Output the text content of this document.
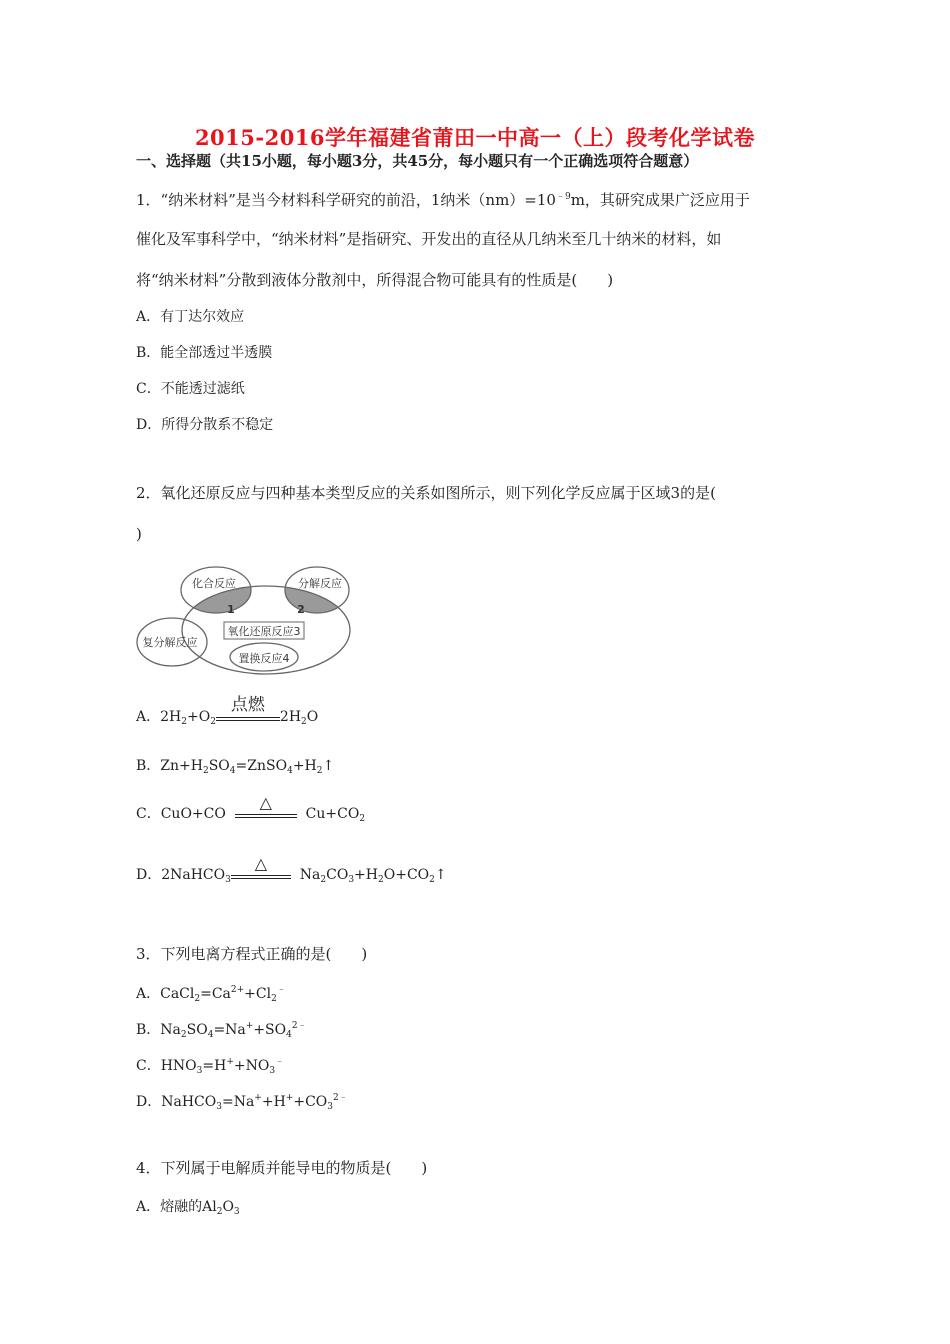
2015-2016学年福建省莆田一中高一（上）段考化学试卷
一、选择题（共15小题，每小题3分，共45分，每小题只有一个正确选项符合题意）
1．“纳米材料”是当今材料科学研究的前沿，1纳米$(nm)=10^{﹣9}m$，其研究成果广泛应用于
催化及军事科学中，“纳米材料”是指研究、开发出的直径从几纳米至几十纳米的材料，如
将“纳米材料”分散到液体分散剂中，所得混合物可能具有的性质是(　　)
A．有丁达尔效应
B．能全部透过半透膜
C．不能透过滤纸
D．所得分散系不稳定
2．氧化还原反应与四种基本类型反应的关系如图所示，则下列化学反应属于区域3的是(
)
化合反应	分解反应
复分解反应
氧化还原反应3
置换反应4
1	2
A．$2H_2+O_2$
点燃
$2H_2O$
B．$Zn+H_2SO_4=ZnSO_4+H_2↑$
C．CuO+CO
△
$Cu+CO_2$
D．2NaHCO$_3$
△
$Na_2CO_3+H_2O+CO_2↑$
3．下列电离方程式正确的是(　　)
A．$CaCl_2=Ca^{2+}+Cl_2^﹣$
B．$Na_2SO_4=Na^++SO_4^{2﹣}$
C．$HNO_3=H^++NO_3^﹣$
D．$NaHCO_3=Na^++H^++CO_3^{2﹣}$
4．下列属于电解质并能导电的物质是(　　)
A．熔融的$Al_2O_3$
